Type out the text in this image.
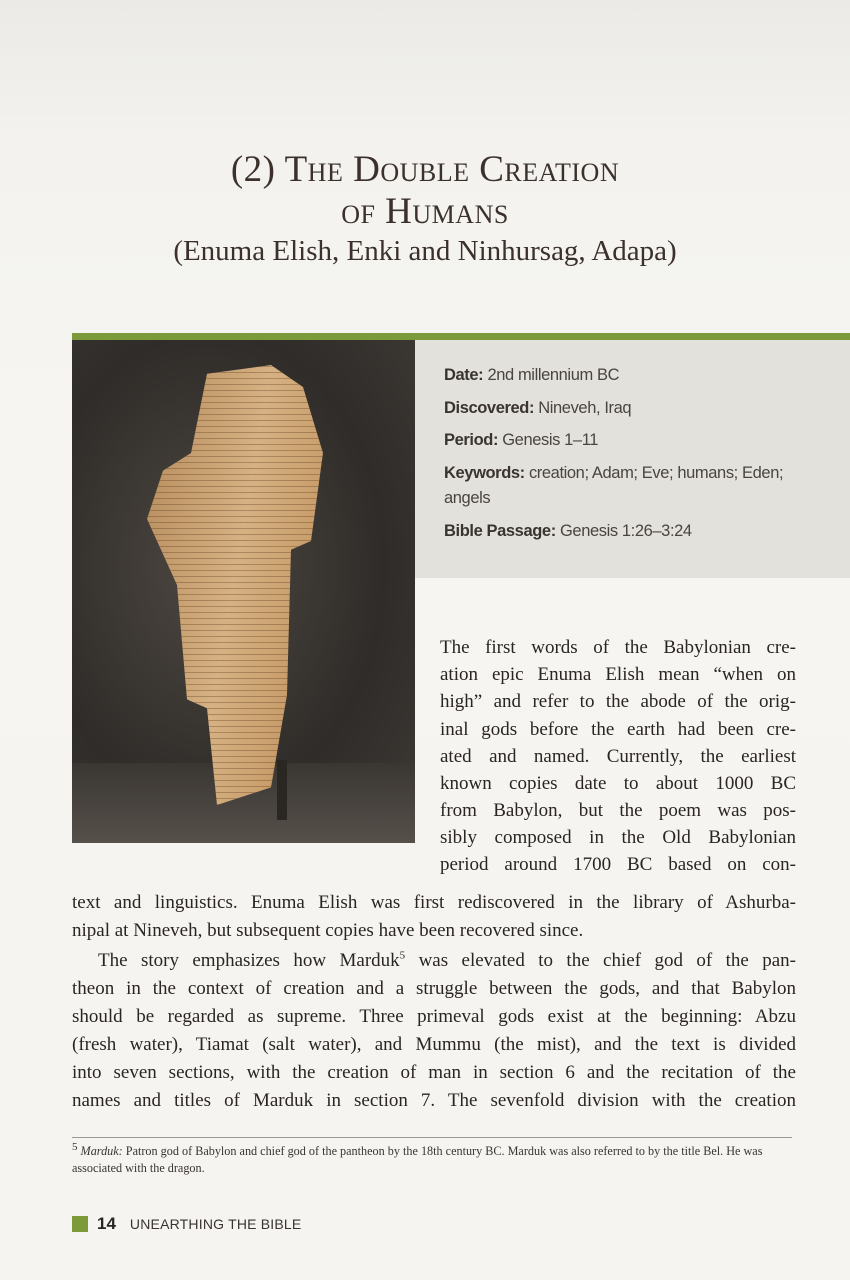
(2) The Double Creation
of Humans
(Enuma Elish, Enki and Ninhursag, Adapa)
Date: 2nd millennium BC
Discovered: Nineveh, Iraq
Period: Genesis 1–11
Keywords: creation; Adam; Eve; humans; Eden; angels
Bible Passage: Genesis 1:26–3:24
The first words of the Babylonian cre-
ation epic Enuma Elish mean “when on
high” and refer to the abode of the orig-
inal gods before the earth had been cre-
ated and named. Currently, the earliest
known copies date to about 1000 BC
from Babylon, but the poem was pos-
sibly composed in the Old Babylonian
period around 1700 BC based on con-
text and linguistics. Enuma Elish was first rediscovered in the library of Ashurba-
nipal at Nineveh, but subsequent copies have been recovered since.
The story emphasizes how Marduk$^5$ was elevated to the chief god of the pan-
theon in the context of creation and a struggle between the gods, and that Babylon
should be regarded as supreme. Three primeval gods exist at the beginning: Abzu
(fresh water), Tiamat (salt water), and Mummu (the mist), and the text is divided
into seven sections, with the creation of man in section 6 and the recitation of the
names and titles of Marduk in section 7. The sevenfold division with the creation
$^5$ Marduk: Patron god of Babylon and chief god of the pantheon by the 18th century BC. Marduk was also referred to by the title Bel. He was associated with the dragon.
14 UNEARTHING THE BIBLE
